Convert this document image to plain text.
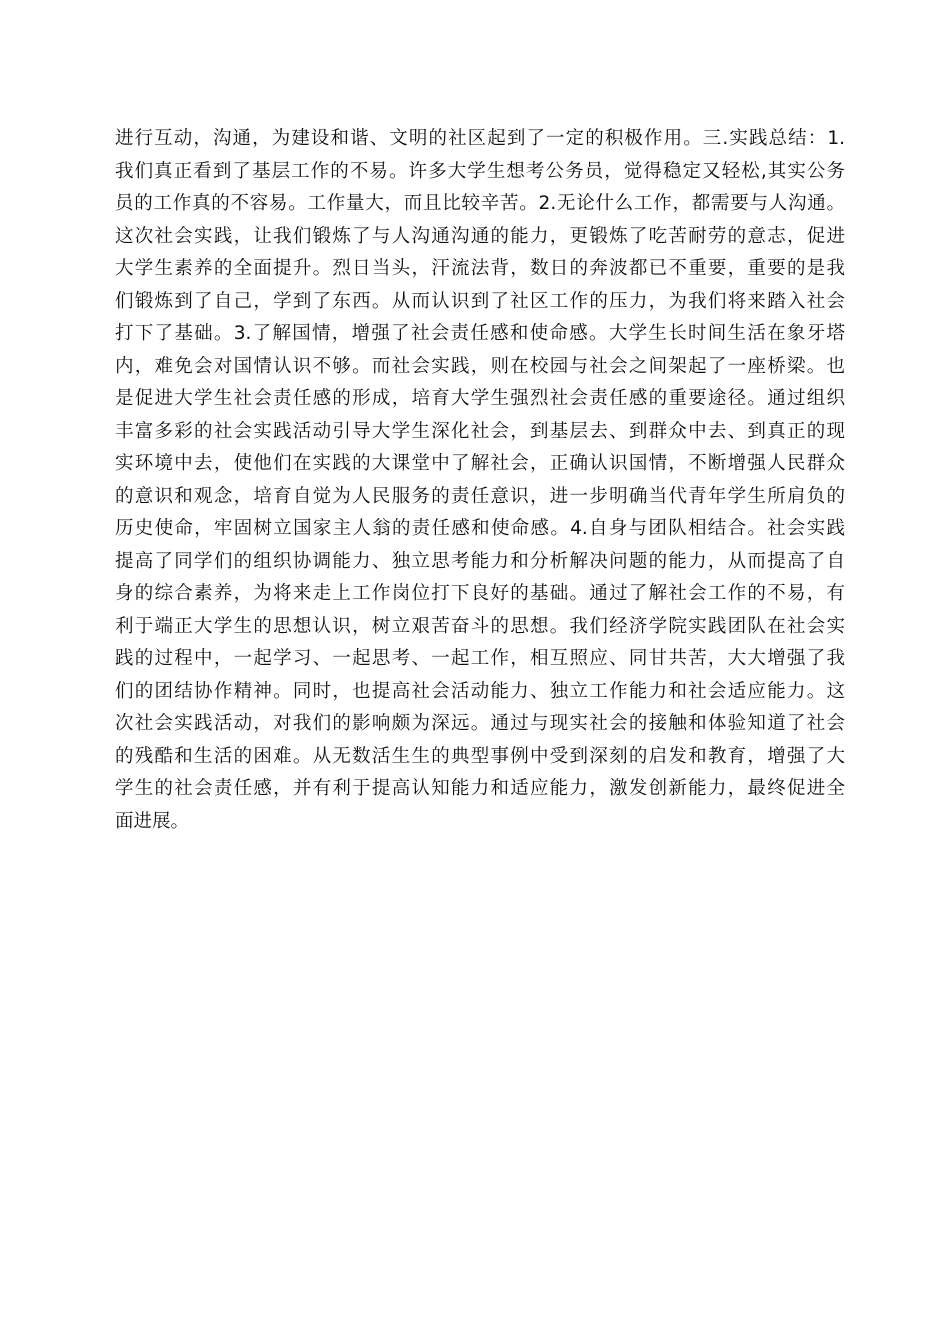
进行互动，沟通，为建设和谐、文明的社区起到了一定的积极作用。三.实践总结：1.
我们真正看到了基层工作的不易。许多大学生想考公务员，觉得稳定又轻松,其实公务
员的工作真的不容易。工作量大，而且比较辛苦。2.无论什么工作，都需要与人沟通。
这次社会实践，让我们锻炼了与人沟通沟通的能力，更锻炼了吃苦耐劳的意志，促进
大学生素养的全面提升。烈日当头，汗流法背，数日的奔波都已不重要，重要的是我
们锻炼到了自己，学到了东西。从而认识到了社区工作的压力，为我们将来踏入社会
打下了基础。3.了解国情，增强了社会责任感和使命感。大学生长时间生活在象牙塔
内，难免会对国情认识不够。而社会实践，则在校园与社会之间架起了一座桥梁。也
是促进大学生社会责任感的形成，培育大学生强烈社会责任感的重要途径。通过组织
丰富多彩的社会实践活动引导大学生深化社会，到基层去、到群众中去、到真正的现
实环境中去，使他们在实践的大课堂中了解社会，正确认识国情，不断增强人民群众
的意识和观念，培育自觉为人民服务的责任意识，进一步明确当代青年学生所肩负的
历史使命，牢固树立国家主人翁的责任感和使命感。4.自身与团队相结合。社会实践
提高了同学们的组织协调能力、独立思考能力和分析解决问题的能力，从而提高了自
身的综合素养，为将来走上工作岗位打下良好的基础。通过了解社会工作的不易，有
利于端正大学生的思想认识，树立艰苦奋斗的思想。我们经济学院实践团队在社会实
践的过程中，一起学习、一起思考、一起工作，相互照应、同甘共苦，大大增强了我
们的团结协作精神。同时，也提高社会活动能力、独立工作能力和社会适应能力。这
次社会实践活动，对我们的影响颇为深远。通过与现实社会的接触和体验知道了社会
的残酷和生活的困难。从无数活生生的典型事例中受到深刻的启发和教育，增强了大
学生的社会责任感，并有利于提高认知能力和适应能力，激发创新能力，最终促进全
面进展。
